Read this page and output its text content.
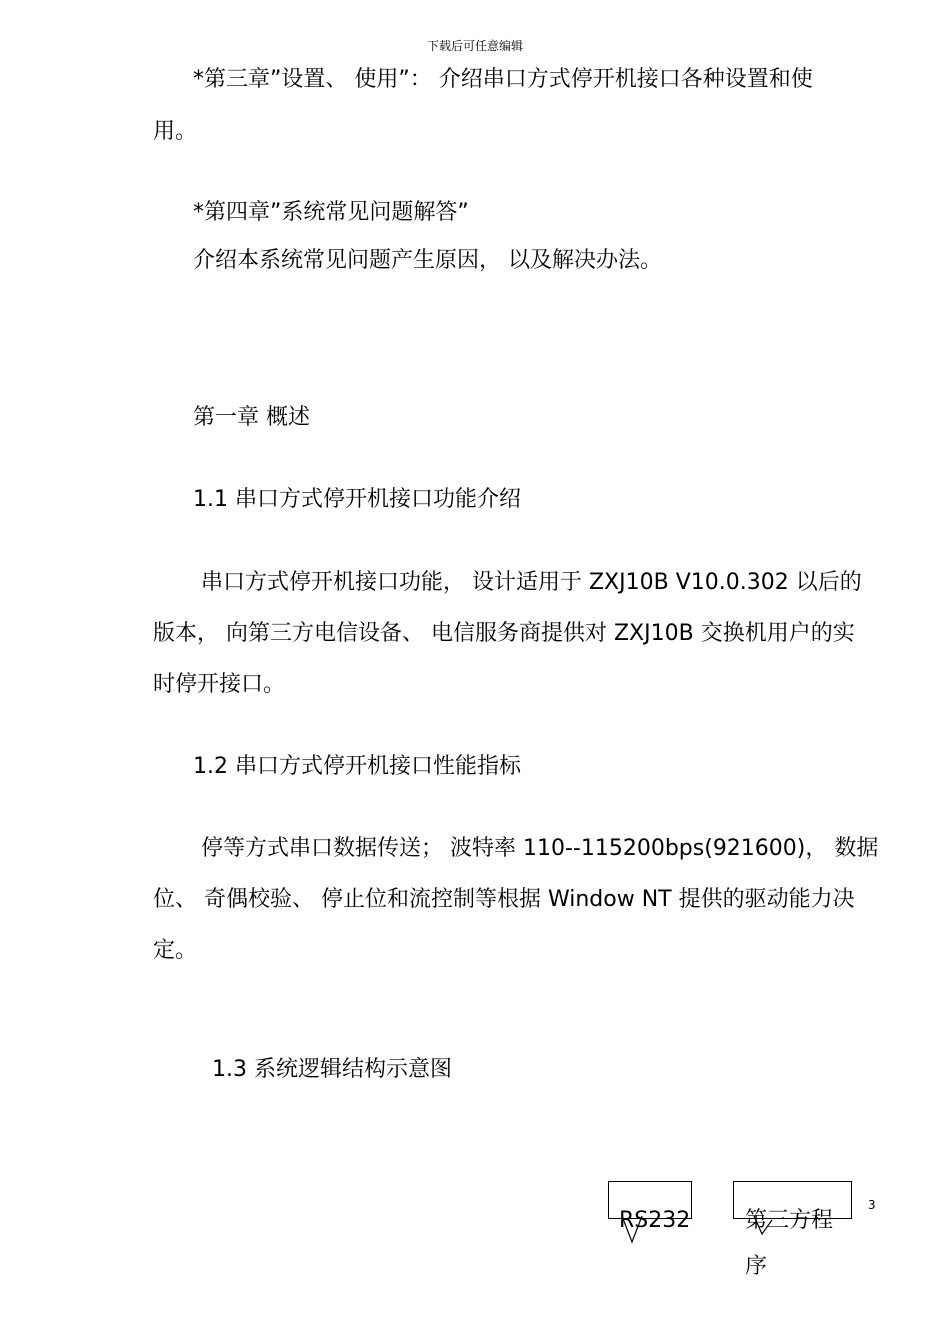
下载后可任意编辑
*第三章”设置、 使用”： 介绍串口方式停开机接口各种设置和使
用。
*第四章”系统常见问题解答”
介绍本系统常见问题产生原因， 以及解决办法。
第一章 概述
1.1 串口方式停开机接口功能介绍
串口方式停开机接口功能， 设计适用于 ZXJ10B V10.0.302 以后的
版本， 向第三方电信设备、 电信服务商提供对 ZXJ10B 交换机用户的实
时停开接口。
1.2 串口方式停开机接口性能指标
停等方式串口数据传送； 波特率 110--115200bps(921600)， 数据
位、 奇偶校验、 停止位和流控制等根据 Window NT 提供的驱动能力决
定。
1.3 系统逻辑结构示意图
RS232 第三方程
序
3
